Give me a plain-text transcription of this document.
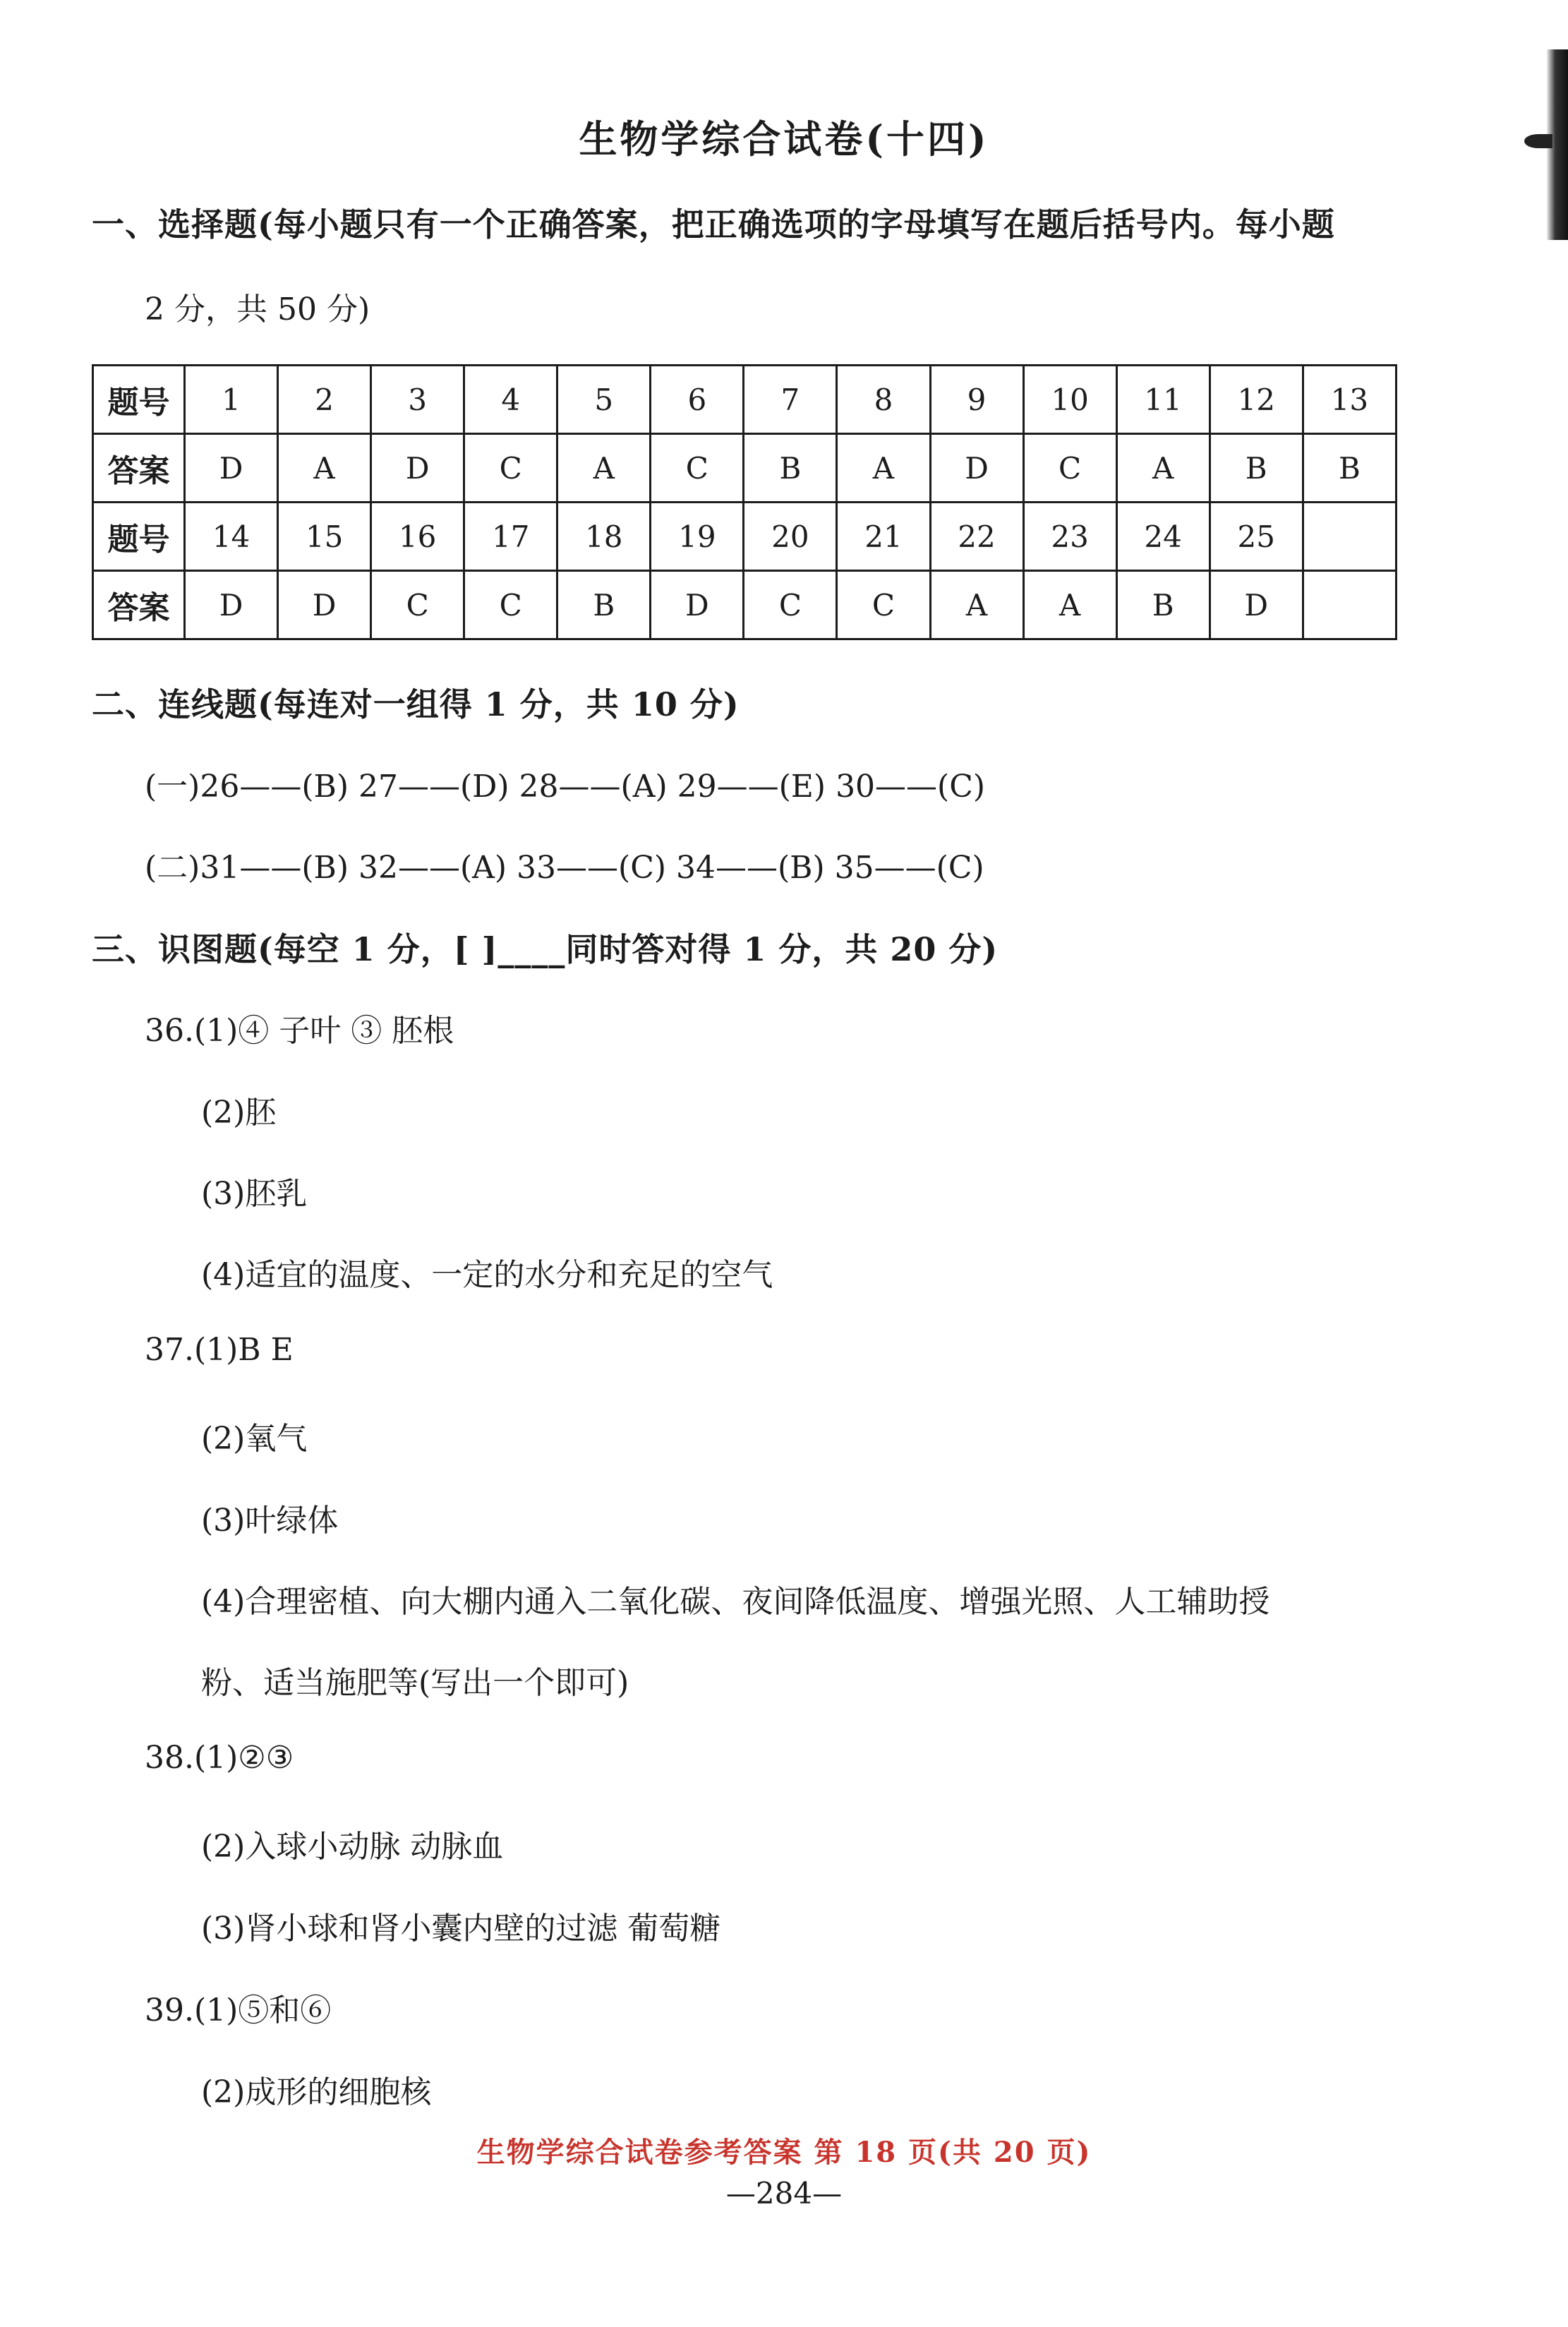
生物学综合试卷(十四)
一、选择题(每小题只有一个正确答案，把正确选项的字母填写在题后括号内。每小题
2 分，共 50 分)
题号	1	2	3	4	5	6	7	8	9	10	11	12	13
答案	D	A	D	C	A	C	B	A	D	C	A	B	B
题号	14	15	16	17	18	19	20	21	22	23	24	25	
答案	D	D	C	C	B	D	C	C	A	A	B	D	
二、连线题(每连对一组得 1 分，共 10 分)
(一)26——(B) 27——(D) 28——(A) 29——(E) 30——(C)
(二)31——(B) 32——(A) 33——(C) 34——(B) 35——(C)
三、识图题(每空 1 分，[ ]____同时答对得 1 分，共 20 分)
36.(1)④ 子叶 ③ 胚根
(2)胚
(3)胚乳
(4)适宜的温度、一定的水分和充足的空气
37.(1)B E
(2)氧气
(3)叶绿体
(4)合理密植、向大棚内通入二氧化碳、夜间降低温度、增强光照、人工辅助授
粉、适当施肥等(写出一个即可)
38.(1)②③
(2)入球小动脉 动脉血
(3)肾小球和肾小囊内壁的过滤 葡萄糖
39.(1)⑤和⑥
(2)成形的细胞核
生物学综合试卷参考答案 第 18 页(共 20 页)
—284—
